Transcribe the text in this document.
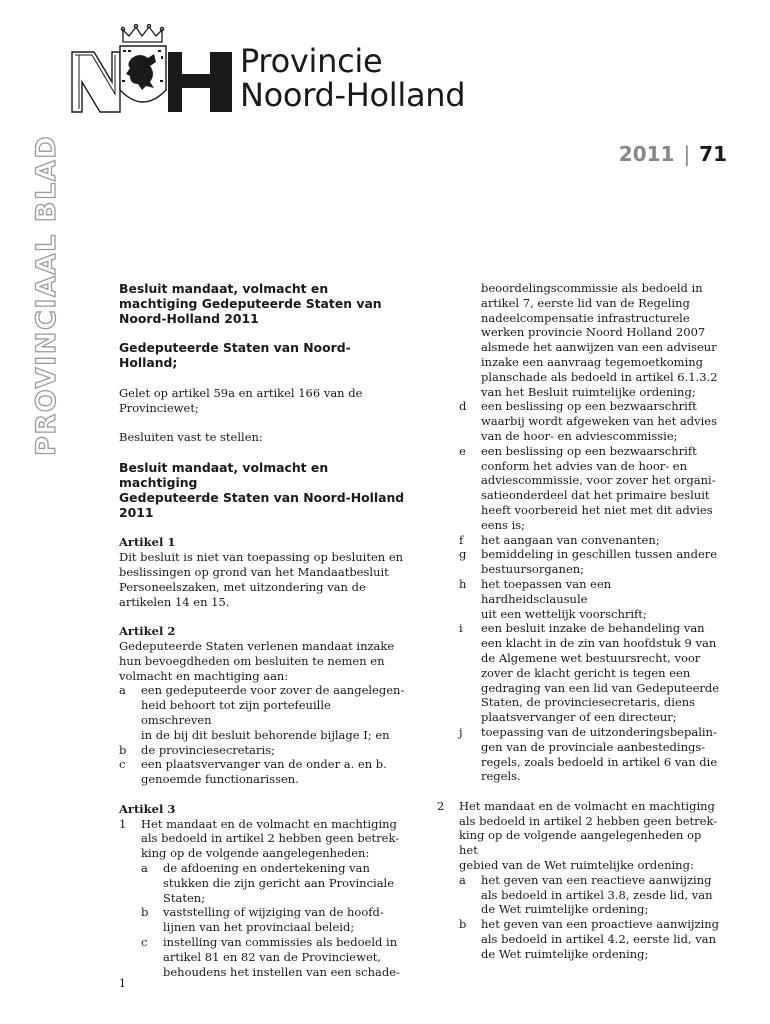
Provincie
Noord-Holland
2011 | 71
PROVINCIAAL BLAD	Besluit mandaat, volmacht en
machtiging Gedeputeerde Staten van
Noord-Holland 2011
Gedeputeerde Staten van Noord-Holland;
Gelet op artikel 59a en artikel 166 van de
Provinciewet;
Besluiten vast te stellen:
Besluit mandaat, volmacht en machtiging
Gedeputeerde Staten van Noord-Holland
2011
Artikel 1
Dit besluit is niet van toepassing op besluiten en
beslissingen op grond van het Mandaatbesluit
Personeelszaken, met uitzondering van de
artikelen 14 en 15.
Artikel 2
Gedeputeerde Staten verlenen mandaat inzake
hun bevoegdheden om besluiten te nemen en
volmacht en machtiging aan:
a	een gedeputeerde voor zover de aangelegen-
heid behoort tot zijn portefeuille omschreven
in de bij dit besluit behorende bijlage I; en
b	de provinciesecretaris;
c	een plaatsvervanger van de onder a. en b.
genoemde functionarissen.
Artikel 3
1	Het mandaat en de volmacht en machtiging
als bedoeld in artikel 2 hebben geen betrek-
king op de volgende aangelegenheden:
a	de afdoening en ondertekening van
stukken die zijn gericht aan Provinciale
Staten;
b	vaststelling of wijziging van de hoofd-
lijnen van het provinciaal beleid;
c	instelling van commissies als bedoeld in
artikel 81 en 82 van de Provinciewet,
behoudens het instellen van een schade-
beoordelingscommissie als bedoeld in
artikel 7, eerste lid van de Regeling
nadeelcompensatie infrastructurele
werken provincie Noord Holland 2007
alsmede het aanwijzen van een adviseur
inzake een aanvraag tegemoetkoming
planschade als bedoeld in artikel 6.1.3.2
van het Besluit ruimtelijke ordening;
d	een beslissing op een bezwaarschrift
waarbij wordt afgeweken van het advies
van de hoor- en adviescommissie;
e	een beslissing op een bezwaarschrift
conform het advies van de hoor- en
adviescommissie, voor zover het organi-
satieonderdeel dat het primaire besluit
heeft voorbereid het niet met dit advies
eens is;
f	het aangaan van convenanten;
g	bemiddeling in geschillen tussen andere
bestuursorganen;
h	het toepassen van een hardheidsclausule
uit een wettelijk voorschrift;
i	een besluit inzake de behandeling van
een klacht in de zin van hoofdstuk 9 van
de Algemene wet bestuursrecht, voor
zover de klacht gericht is tegen een
gedraging van een lid van Gedeputeerde
Staten, de provinciesecretaris, diens
plaatsvervanger of een directeur;
j	toepassing van de uitzonderingsbepalin-
gen van de provinciale aanbestedings-
regels, zoals bedoeld in artikel 6 van die
regels.
2	Het mandaat en de volmacht en machtiging
als bedoeld in artikel 2 hebben geen betrek-
king op de volgende aangelegenheden op het
gebied van de Wet ruimtelijke ordening:
a	het geven van een reactieve aanwijzing
als bedoeld in artikel 3.8, zesde lid, van
de Wet ruimtelijke ordening;
b	het geven van een proactieve aanwijzing
als bedoeld in artikel 4.2, eerste lid, van
de Wet ruimtelijke ordening;
1
